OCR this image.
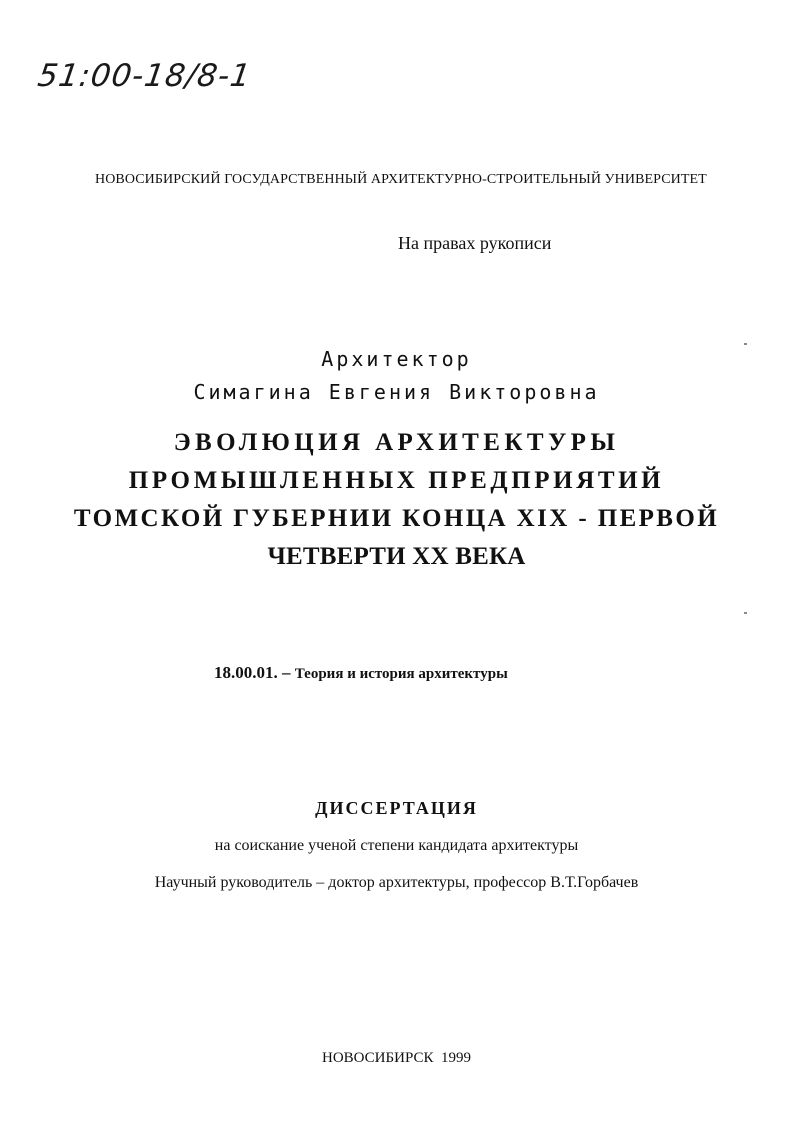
51:00-18/8-1
НОВОСИБИРСКИЙ ГОСУДАРСТВЕННЫЙ АРХИТЕКТУРНО-СТРОИТЕЛЬНЫЙ УНИВЕРСИТЕТ
На правах рукописи
Архитектор
Симагина Евгения Викторовна
ЭВОЛЮЦИЯ АРХИТЕКТУРЫ
ПРОМЫШЛЕННЫХ ПРЕДПРИЯТИЙ
ТОМСКОЙ ГУБЕРНИИ КОНЦА XIX - ПЕРВОЙ
ЧЕТВЕРТИ XX ВЕКА
18.00.01. – Теория и история архитектуры
ДИССЕРТАЦИЯ
на соискание ученой степени кандидата архитектуры
Научный руководитель – доктор архитектуры, профессор В.Т.Горбачев
НОВОСИБИРСК  1999
